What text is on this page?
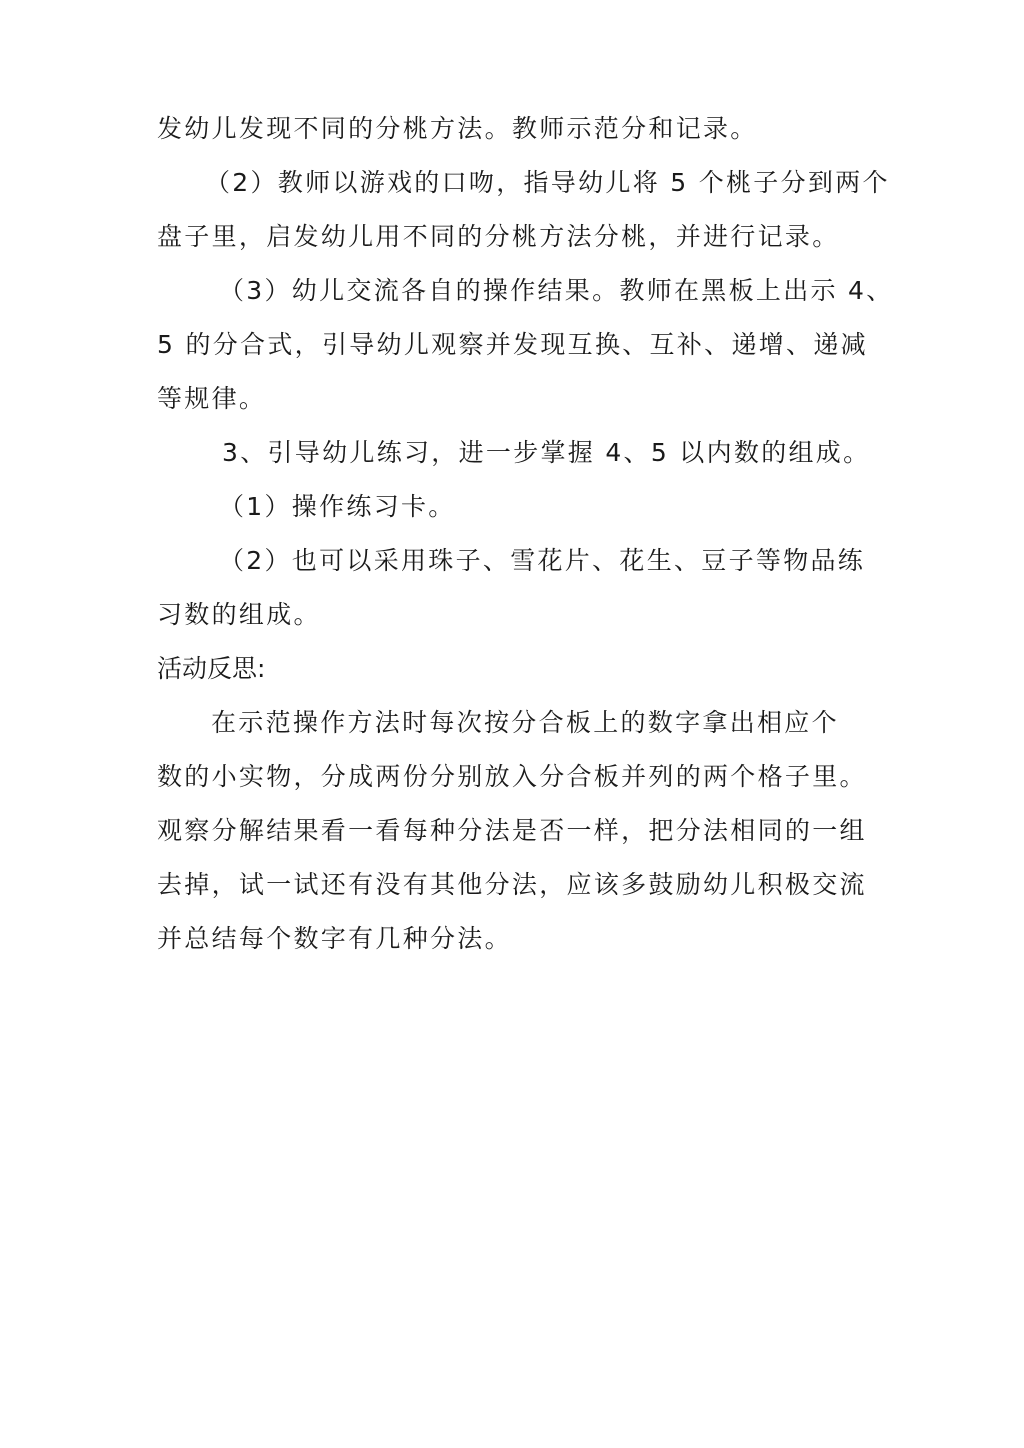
发幼儿发现不同的分桃方法。教师示范分和记录。
（2）教师以游戏的口吻，指导幼儿将 5 个桃子分到两个
盘子里，启发幼儿用不同的分桃方法分桃，并进行记录。
（3）幼儿交流各自的操作结果。教师在黑板上出示 4、
5 的分合式，引导幼儿观察并发现互换、互补、递增、递减
等规律。
3、引导幼儿练习，进一步掌握 4、5 以内数的组成。
（1）操作练习卡。
（2）也可以采用珠子、雪花片、花生、豆子等物品练
习数的组成。
活动反思:
在示范操作方法时每次按分合板上的数字拿出相应个
数的小实物，分成两份分别放入分合板并列的两个格子里。
观察分解结果看一看每种分法是否一样，把分法相同的一组
去掉，试一试还有没有其他分法，应该多鼓励幼儿积极交流
并总结每个数字有几种分法。
